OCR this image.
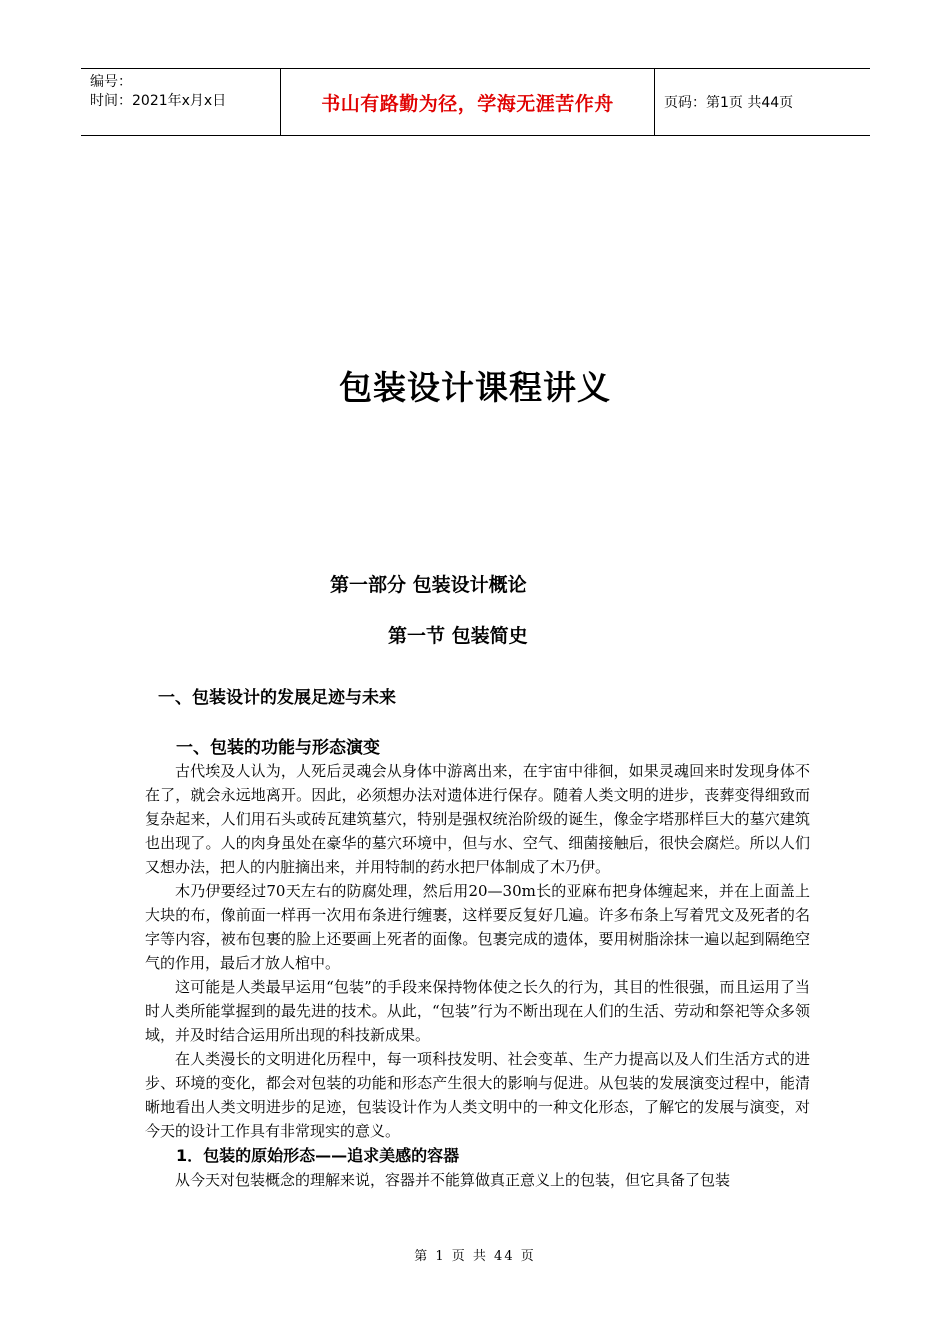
编号：
时间：2021年x月x日	书山有路勤为径，学海无涯苦作舟	页码：第1页 共44页
包装设计课程讲义
第一部分 包装设计概论
第一节 包装简史
一、包装设计的发展足迹与未来
一、包装的功能与形态演变

古代埃及人认为，人死后灵魂会从身体中游离出来，在宇宙中徘徊，如果灵魂回来时发现身体不在了，就会永远地离开。因此，必须想办法对遗体进行保存。随着人类文明的进步，丧葬变得细致而复杂起来，人们用石头或砖瓦建筑墓穴，特别是强权统治阶级的诞生，像金字塔那样巨大的墓穴建筑也出现了。人的肉身虽处在豪华的墓穴环境中，但与水、空气、细菌接触后，很快会腐烂。所以人们又想办法，把人的内脏摘出来，并用特制的药水把尸体制成了木乃伊。

木乃伊要经过70天左右的防腐处理，然后用20—30m长的亚麻布把身体缠起来，并在上面盖上大块的布，像前面一样再一次用布条进行缠裹，这样要反复好几遍。许多布条上写着咒文及死者的名字等内容，被布包裹的脸上还要画上死者的面像。包裹完成的遗体，要用树脂涂抹一遍以起到隔绝空气的作用，最后才放人棺中。

这可能是人类最早运用“包装”的手段来保持物体使之长久的行为，其目的性很强，而且运用了当时人类所能掌握到的最先进的技术。从此，“包装”行为不断出现在人们的生活、劳动和祭祀等众多领域，并及时结合运用所出现的科技新成果。

在人类漫长的文明进化历程中，每一项科技发明、社会变革、生产力提高以及人们生活方式的进步、环境的变化，都会对包装的功能和形态产生很大的影响与促进。从包装的发展演变过程中，能清晰地看出人类文明进步的足迹，包装设计作为人类文明中的一种文化形态，了解它的发展与演变，对今天的设计工作具有非常现实的意义。

1．包装的原始形态——追求美感的容器

从今天对包装概念的理解来说，容器并不能算做真正意义上的包装，但它具备了包装

第 1 页 共 44 页
